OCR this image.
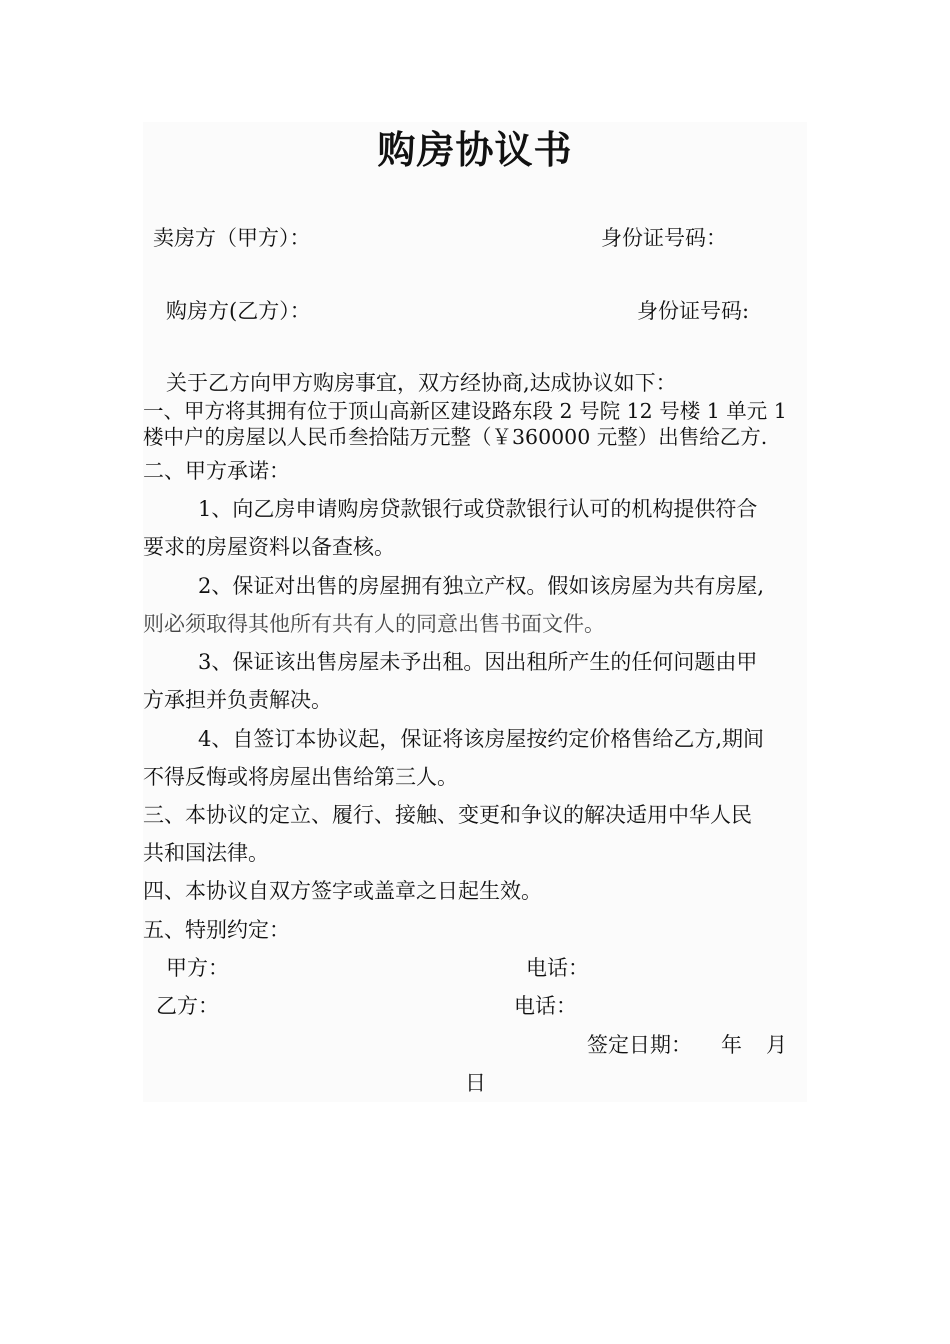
购房协议书
卖房方（甲方）：	身份证号码：
购房方(乙方）：	身份证号码:
关于乙方向甲方购房事宜，双方经协商,达成协议如下：
一、甲方将其拥有位于顶山高新区建设路东段 2 号院 12 号楼 1 单元 1
楼中户的房屋以人民币叁拾陆万元整（￥360000 元整）出售给乙方.
二、甲方承诺：
1、向乙房申请购房贷款银行或贷款银行认可的机构提供符合
要求的房屋资料以备查核。
2、保证对出售的房屋拥有独立产权。假如该房屋为共有房屋,
则必须取得其他所有共有人的同意出售书面文件。
3、保证该出售房屋未予出租。因出租所产生的任何问题由甲
方承担并负责解决。
4、自签订本协议起，保证将该房屋按约定价格售给乙方,期间
不得反悔或将房屋出售给第三人。
三、本协议的定立、履行、接触、变更和争议的解决适用中华人民
共和国法律。
四、本协议自双方签字或盖章之日起生效。
五、特别约定：
甲方：	电话：
乙方：	电话：
签定日期： 年 月
日
